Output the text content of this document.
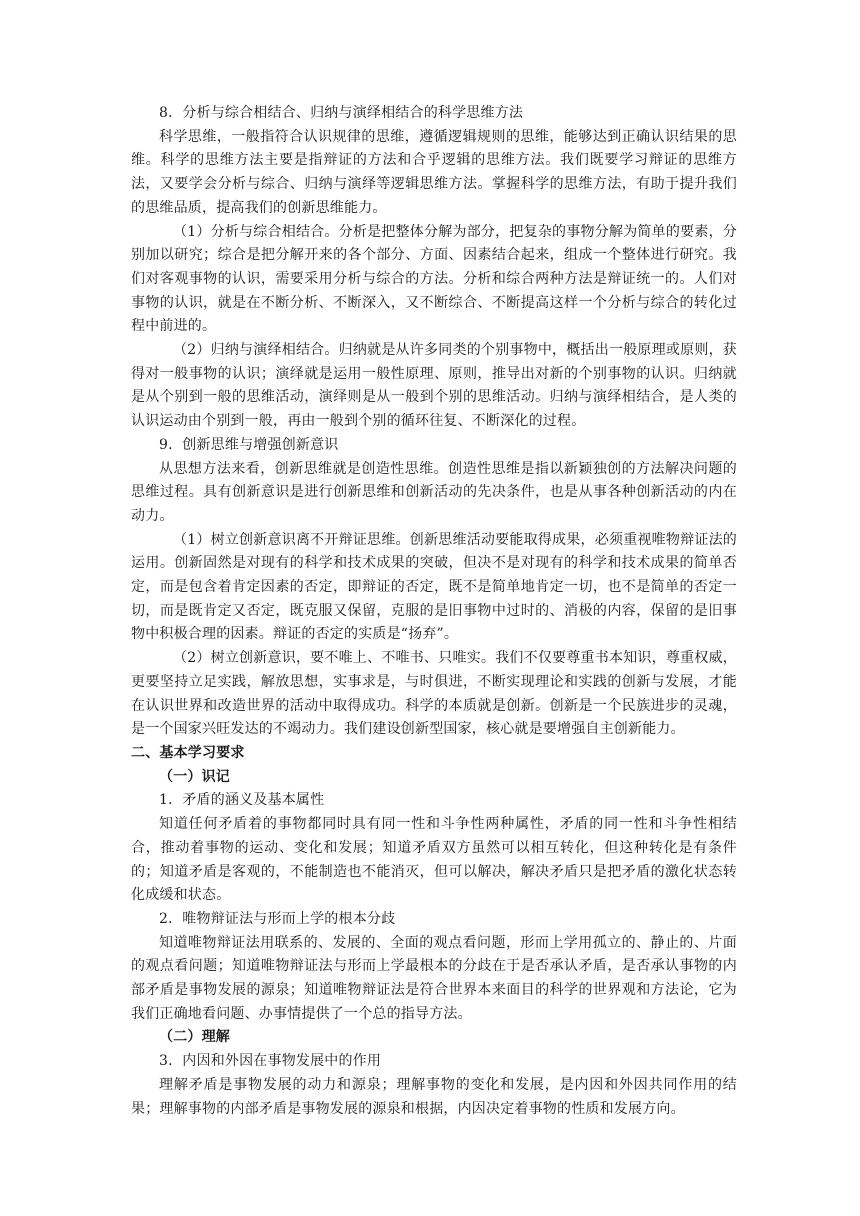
8．分析与综合相结合、归纳与演绎相结合的科学思维方法

科学思维，一般指符合认识规律的思维，遵循逻辑规则的思维，能够达到正确认识结果的思维。科学的思维方法主要是指辩证的方法和合乎逻辑的思维方法。我们既要学习辩证的思维方法，又要学会分析与综合、归纳与演绎等逻辑思维方法。掌握科学的思维方法，有助于提升我们的思维品质，提高我们的创新思维能力。

（1）分析与综合相结合。分析是把整体分解为部分，把复杂的事物分解为简单的要素，分别加以研究；综合是把分解开来的各个部分、方面、因素结合起来，组成一个整体进行研究。我们对客观事物的认识，需要采用分析与综合的方法。分析和综合两种方法是辩证统一的。人们对事物的认识，就是在不断分析、不断深入，又不断综合、不断提高这样一个分析与综合的转化过程中前进的。

（2）归纳与演绎相结合。归纳就是从许多同类的个别事物中，概括出一般原理或原则，获得对一般事物的认识；演绎就是运用一般性原理、原则，推导出对新的个别事物的认识。归纳就是从个别到一般的思维活动，演绎则是从一般到个别的思维活动。归纳与演绎相结合，是人类的认识运动由个别到一般，再由一般到个别的循环往复、不断深化的过程。

9．创新思维与增强创新意识

从思想方法来看，创新思维就是创造性思维。创造性思维是指以新颖独创的方法解决问题的思维过程。具有创新意识是进行创新思维和创新活动的先决条件，也是从事各种创新活动的内在动力。

（1）树立创新意识离不开辩证思维。创新思维活动要能取得成果，必须重视唯物辩证法的运用。创新固然是对现有的科学和技术成果的突破，但决不是对现有的科学和技术成果的简单否定，而是包含着肯定因素的否定，即辩证的否定，既不是简单地肯定一切，也不是简单的否定一切，而是既肯定又否定，既克服又保留，克服的是旧事物中过时的、消极的内容，保留的是旧事物中积极合理的因素。辩证的否定的实质是“扬弃”。

（2）树立创新意识，要不唯上、不唯书、只唯实。我们不仅要尊重书本知识，尊重权威，更要坚持立足实践，解放思想，实事求是，与时俱进，不断实现理论和实践的创新与发展，才能在认识世界和改造世界的活动中取得成功。科学的本质就是创新。创新是一个民族进步的灵魂，是一个国家兴旺发达的不竭动力。我们建设创新型国家，核心就是要增强自主创新能力。

二、基本学习要求

（一）识记

1．矛盾的涵义及基本属性

知道任何矛盾着的事物都同时具有同一性和斗争性两种属性，矛盾的同一性和斗争性相结合，推动着事物的运动、变化和发展；知道矛盾双方虽然可以相互转化，但这种转化是有条件的；知道矛盾是客观的，不能制造也不能消灭，但可以解决，解决矛盾只是把矛盾的激化状态转化成缓和状态。

2．唯物辩证法与形而上学的根本分歧

知道唯物辩证法用联系的、发展的、全面的观点看问题，形而上学用孤立的、静止的、片面的观点看问题；知道唯物辩证法与形而上学最根本的分歧在于是否承认矛盾，是否承认事物的内部矛盾是事物发展的源泉；知道唯物辩证法是符合世界本来面目的科学的世界观和方法论，它为我们正确地看问题、办事情提供了一个总的指导方法。

（二）理解

3．内因和外因在事物发展中的作用

理解矛盾是事物发展的动力和源泉；理解事物的变化和发展，是内因和外因共同作用的结果；理解事物的内部矛盾是事物发展的源泉和根据，内因决定着事物的性质和发展方向。
